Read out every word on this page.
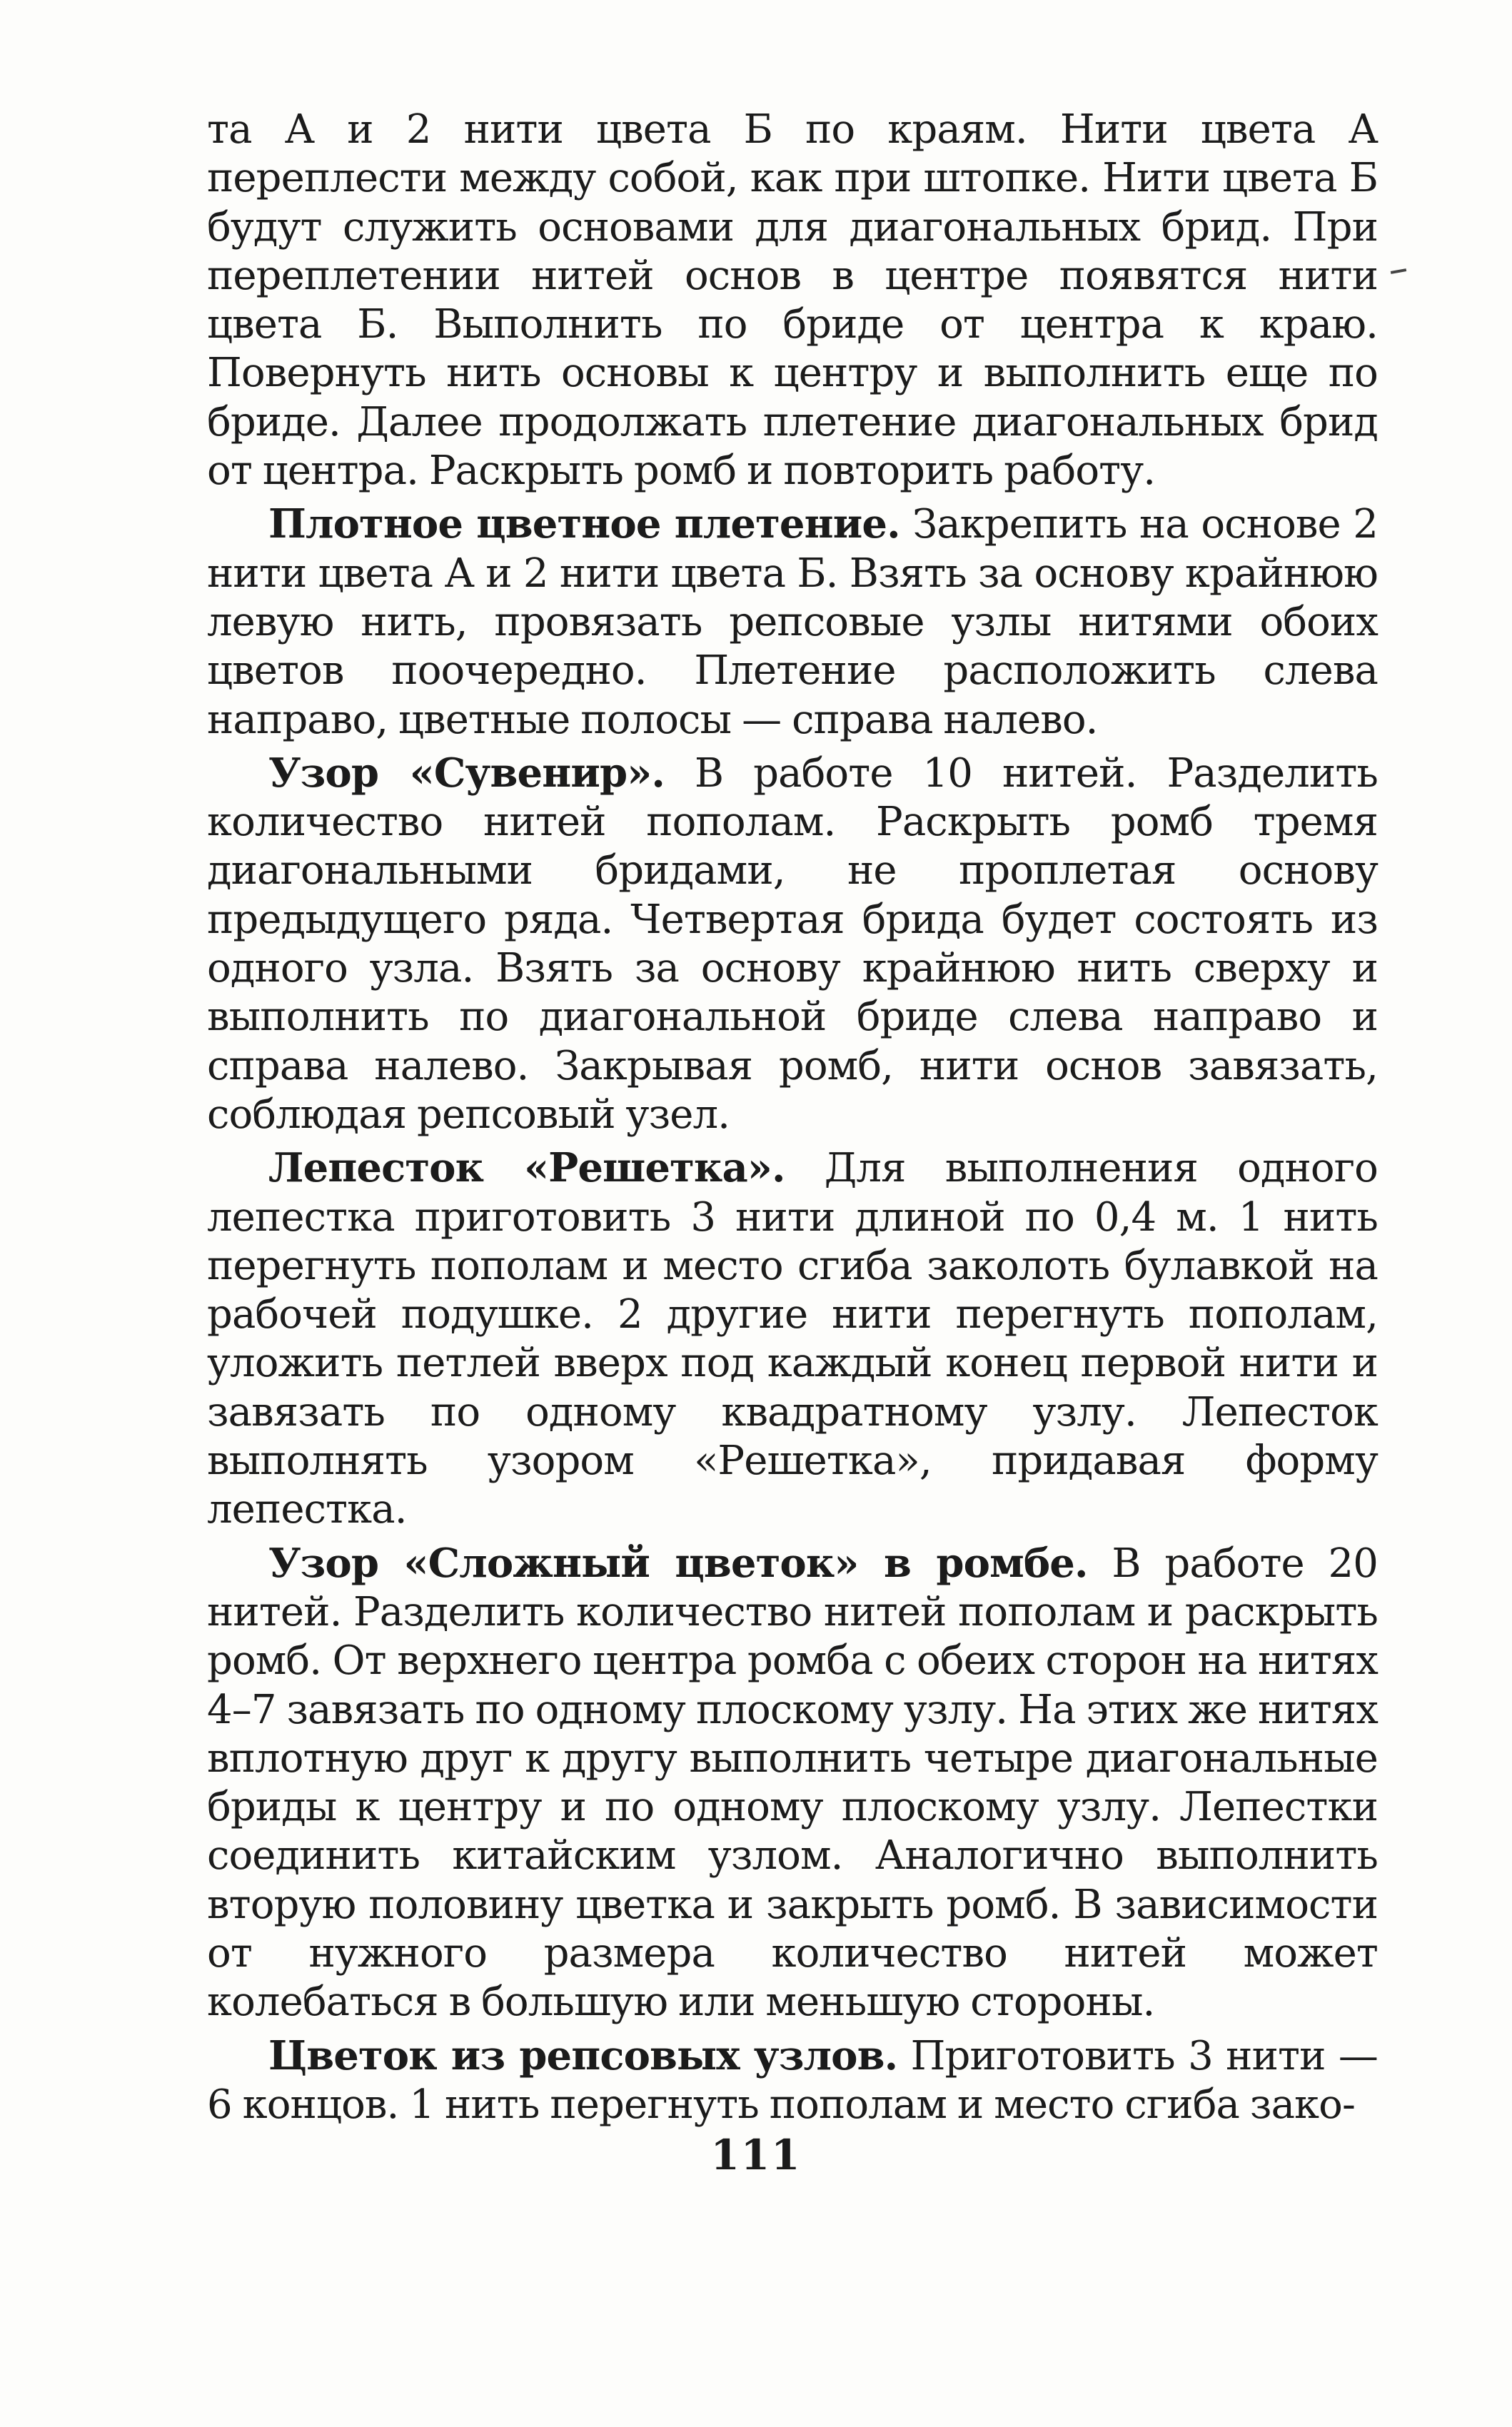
та А и 2 нити цвета Б по краям. Нити цвета А переплести между собой, как при штопке. Нити цвета Б будут служить основами для диагональных брид. При переплетении нитей основ в центре появятся нити цвета Б. Выполнить по бриде от центра к краю. Повернуть нить основы к центру и выполнить еще по бриде. Далее продолжать плетение диагональных брид от центра. Раскрыть ромб и повторить работу.

Плотное цветное плетение. Закрепить на основе 2 нити цвета А и 2 нити цвета Б. Взять за основу крайнюю левую нить, провязать репсовые узлы нитями обоих цветов поочередно. Плетение расположить слева направо, цветные полосы — справа налево.

Узор «Сувенир». В работе 10 нитей. Разделить количество нитей пополам. Раскрыть ромб тремя диагональными бридами, не проплетая основу предыдущего ряда. Четвертая брида будет состоять из одного узла. Взять за основу крайнюю нить сверху и выполнить по диагональной бриде слева направо и справа налево. Закрывая ромб, нити основ завязать, соблюдая репсовый узел.

Лепесток «Решетка». Для выполнения одного лепестка приготовить 3 нити длиной по 0,4 м. 1 нить перегнуть пополам и место сгиба заколоть булавкой на рабочей подушке. 2 другие нити перегнуть пополам, уложить петлей вверх под каждый конец первой нити и завязать по одному квадратному узлу. Лепесток выполнять узором «Решетка», придавая форму лепестка.

Узор «Сложный цветок» в ромбе. В работе 20 нитей. Разделить количество нитей пополам и раскрыть ромб. От верхнего центра ромба с обеих сторон на нитях 4–7 завязать по одному плоскому узлу. На этих же нитях вплотную друг к другу выполнить четыре диагональные бриды к центру и по одному плоскому узлу. Лепестки соединить китайским узлом. Аналогично выполнить вторую половину цветка и закрыть ромб. В зависимости от нужного размера количество нитей может колебаться в большую или меньшую стороны.

Цветок из репсовых узлов. Приготовить 3 нити — 6 концов. 1 нить перегнуть пополам и место сгиба зако-

111
